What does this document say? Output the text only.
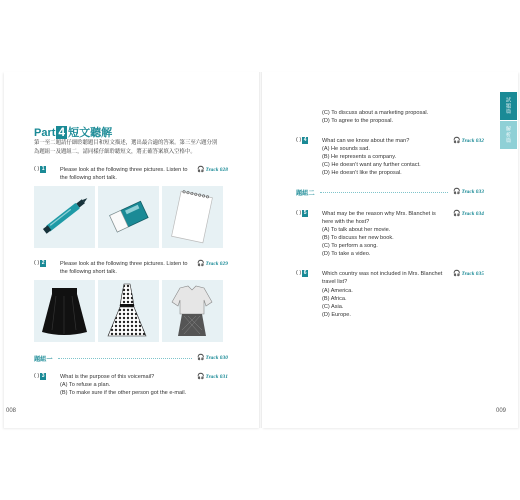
Part 4 短文聽解
第一至二題請仔細聆聽題目和短文描述，選出最合適的答案。第三至六題分別
為題組一及題組二，請同樣仔細聆聽短文，將正確答案填入空格中。
( ) 1	Please look at the following three pictures. Listen to
the following short talk.
🎧Track 028
( ) 2	Please look at the following three pictures. Listen to
the following short talk.
🎧Track 029
題組一	🎧Track 030
( ) 3	What is the purpose of this voicemail?
(A) To refuse a plan.
(B) To make sure if the other person got the e-mail.
🎧Track 031
008
(C) To discuss about a marketing proposal.
(D) To agree to the proposal.
( ) 4	What can we know about the man?
(A) He sounds sad.
(B) He represents a company.
(C) He doesn't want any further contact.
(D) He doesn't like the proposal.
🎧Track 032
題組二	🎧Track 033
( ) 5	What may be the reason why Mrs. Blanchet is
here with the host?
(A) To talk about her movie.
(B) To discuss her new book.
(C) To perform a song.
(D) To take a video.
🎧Track 034
( ) 6	Which country was not included in Mrs. Blanchet
travel list?
(A) America.
(B) Africa.
(C) Asia.
(D) Europe.
🎧Track 035
009
試題篇
解析篇
